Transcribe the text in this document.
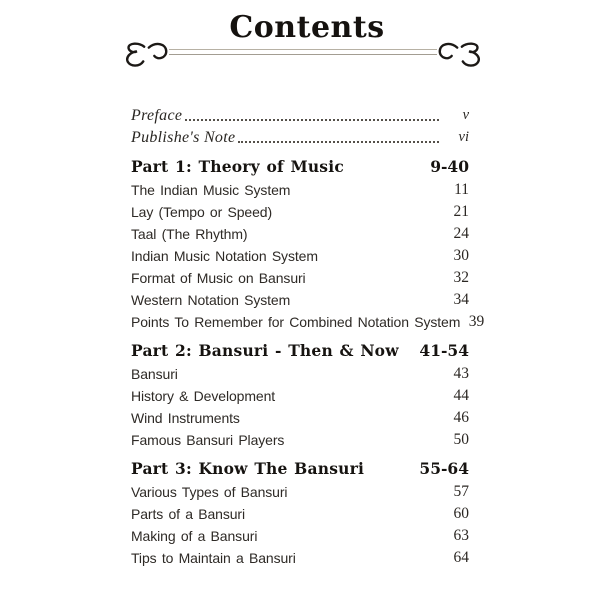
Contents
Preface	v
Publishe's Note	vi
Part 1: Theory of Music	9-40
The Indian Music System	11
Lay (Tempo or Speed)	21
Taal (The Rhythm)	24
Indian Music Notation System	30
Format of Music on Bansuri	32
Western Notation System	34
Points To Remember for Combined Notation System 39
Part 2: Bansuri - Then & Now	41-54
Bansuri	43
History & Development	44
Wind Instruments	46
Famous Bansuri Players	50
Part 3: Know The Bansuri	55-64
Various Types of Bansuri	57
Parts of a Bansuri	60
Making of a Bansuri	63
Tips to Maintain a Bansuri	64
